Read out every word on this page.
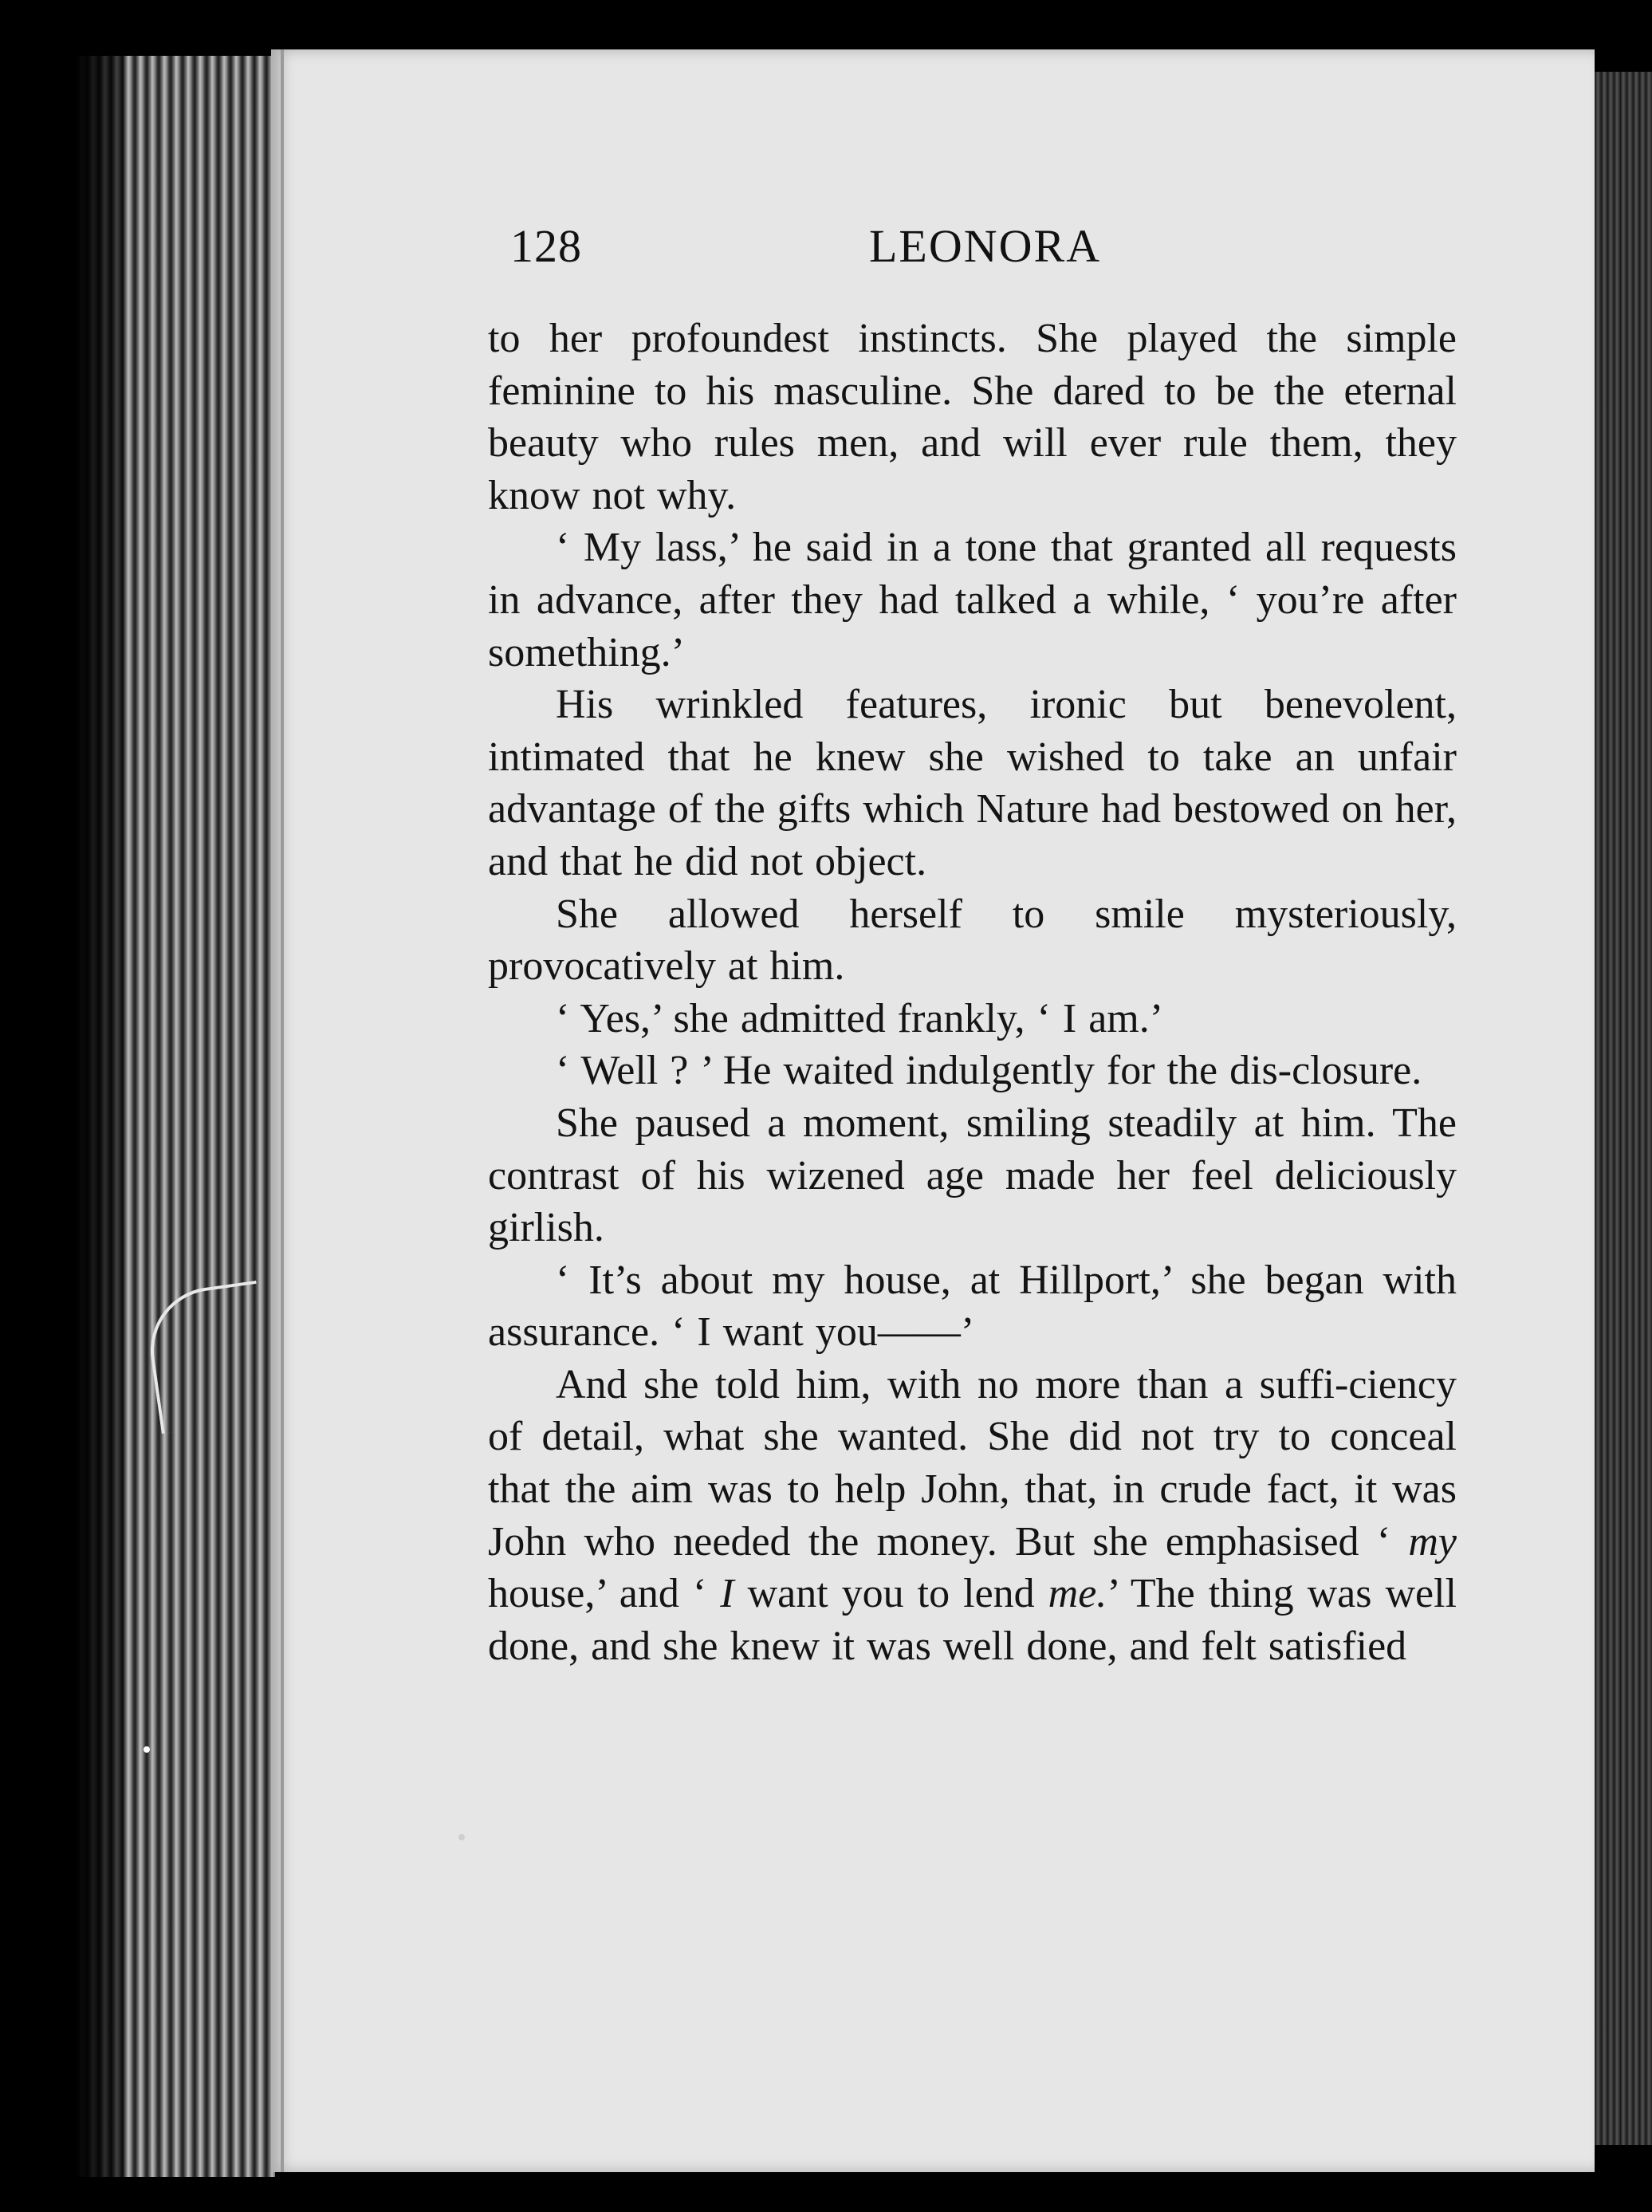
128	LEONORA

to her profoundest instincts. She played the simple feminine to his masculine. She dared to be the eternal beauty who rules men, and will ever rule them, they know not why.

‘ My lass,’ he said in a tone that granted all requests in advance, after they had talked a while, ‘ you’re after something.’

His wrinkled features, ironic but benevolent, intimated that he knew she wished to take an unfair advantage of the gifts which Nature had bestowed on her, and that he did not object.

She allowed herself to smile mysteriously, provocatively at him.

‘ Yes,’ she admitted frankly, ‘ I am.’

‘ Well ? ’ He waited indulgently for the dis-closure.

She paused a moment, smiling steadily at him. The contrast of his wizened age made her feel deliciously girlish.

‘ It’s about my house, at Hillport,’ she began with assurance. ‘ I want you——’

And she told him, with no more than a suffi-ciency of detail, what she wanted. She did not try to conceal that the aim was to help John, that, in crude fact, it was John who needed the money. But she emphasised ‘ my house,’ and ‘ I want you to lend me.’ The thing was well done, and she knew it was well done, and felt satisfied
